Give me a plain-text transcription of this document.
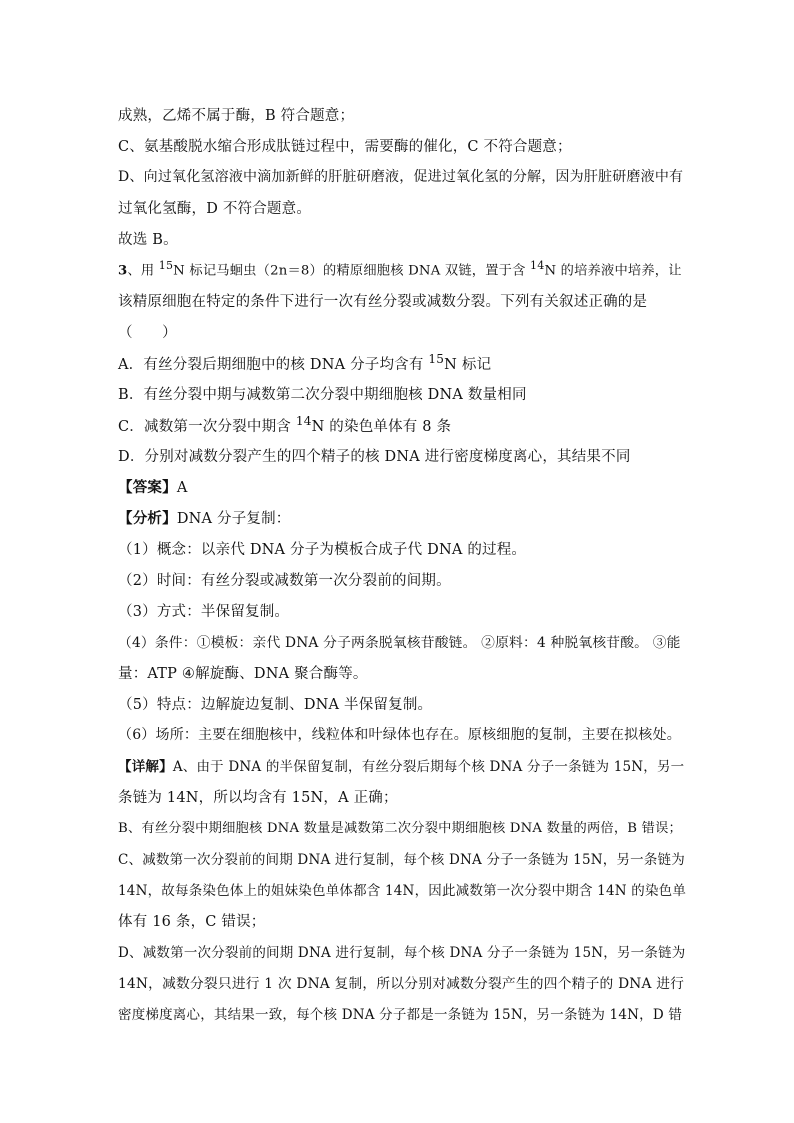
成熟，乙烯不属于酶，B 符合题意；
C、氨基酸脱水缩合形成肽链过程中，需要酶的催化，C 不符合题意；
D、向过氧化氢溶液中滴加新鲜的肝脏研磨液，促进过氧化氢的分解，因为肝脏研磨液中有
过氧化氢酶，D 不符合题意。
故选 B。
3、用 $^{15}$N 标记马蛔虫（2n＝8）的精原细胞核 DNA 双链，置于含 $^{14}$N 的培养液中培养，让
该精原细胞在特定的条件下进行一次有丝分裂或减数分裂。下列有关叙述正确的是
（　　）
A．有丝分裂后期细胞中的核 DNA 分子均含有 $^{15}$N 标记
B．有丝分裂中期与减数第二次分裂中期细胞核 DNA 数量相同
C．减数第一次分裂中期含 $^{14}$N 的染色单体有 8 条
D．分别对减数分裂产生的四个精子的核 DNA 进行密度梯度离心，其结果不同
【答案】A
【分析】DNA 分子复制：
（1）概念：以亲代 DNA 分子为模板合成子代 DNA 的过程。
（2）时间：有丝分裂或减数第一次分裂前的间期。
（3）方式：半保留复制。
（4）条件：①模板：亲代 DNA 分子两条脱氧核苷酸链。 ②原料：4 种脱氧核苷酸。 ③能
量：ATP ④解旋酶、DNA 聚合酶等。
（5）特点：边解旋边复制、DNA 半保留复制。
（6）场所：主要在细胞核中，线粒体和叶绿体也存在。原核细胞的复制，主要在拟核处。
【详解】A、由于 DNA 的半保留复制，有丝分裂后期每个核 DNA 分子一条链为 15N，另一
条链为 14N，所以均含有 15N，A 正确；
B、有丝分裂中期细胞核 DNA 数量是减数第二次分裂中期细胞核 DNA 数量的两倍，B 错误；
C、减数第一次分裂前的间期 DNA 进行复制，每个核 DNA 分子一条链为 15N，另一条链为
14N，故每条染色体上的姐妹染色单体都含 14N，因此减数第一次分裂中期含 14N 的染色单
体有 16 条，C 错误；
D、减数第一次分裂前的间期 DNA 进行复制，每个核 DNA 分子一条链为 15N，另一条链为
14N，减数分裂只进行 1 次 DNA 复制，所以分别对减数分裂产生的四个精子的 DNA 进行
密度梯度离心，其结果一致，每个核 DNA 分子都是一条链为 15N，另一条链为 14N，D 错
